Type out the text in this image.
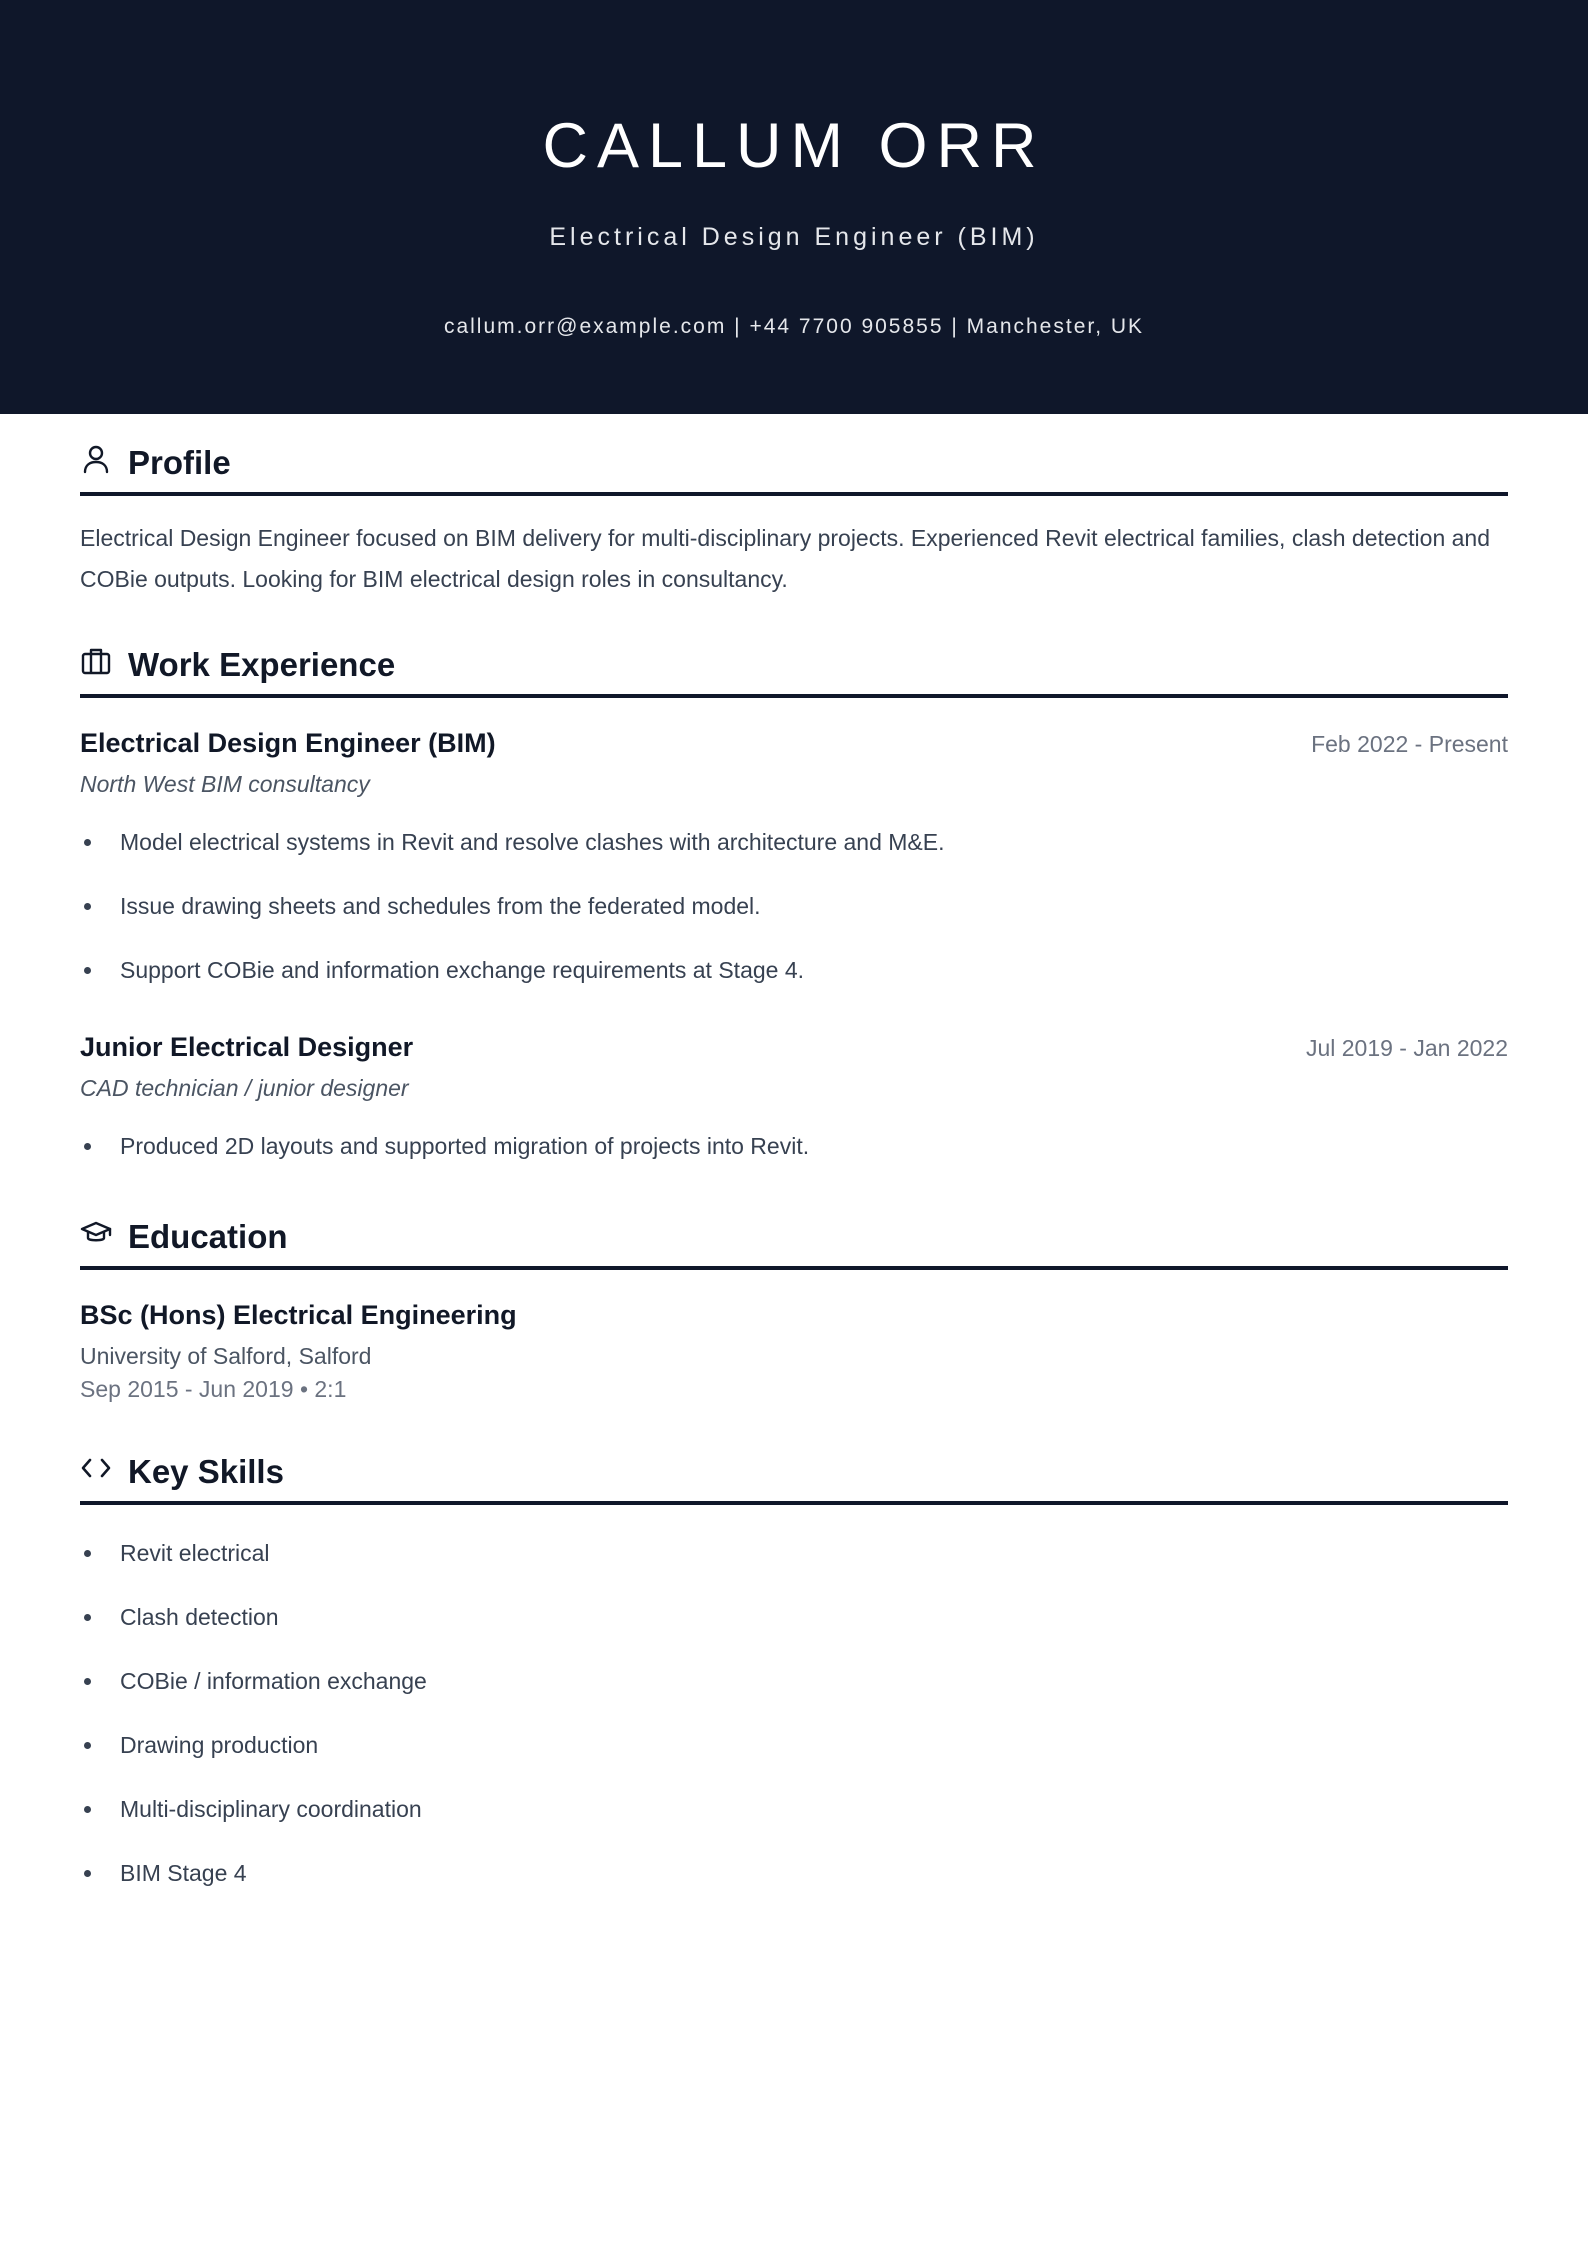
CALLUM ORR
Electrical Design Engineer (BIM)
callum.orr@example.com | +44 7700 905855 | Manchester, UK
Profile

Electrical Design Engineer focused on BIM delivery for multi-disciplinary projects. Experienced Revit electrical families, clash detection and COBie outputs. Looking for BIM electrical design roles in consultancy.

Work Experience
Electrical Design Engineer (BIM)	Feb 2022 - Present
North West BIM consultancy
Model electrical systems in Revit and resolve clashes with architecture and M&E.
Issue drawing sheets and schedules from the federated model.
Support COBie and information exchange requirements at Stage 4.
Junior Electrical Designer	Jul 2019 - Jan 2022
CAD technician / junior designer
Produced 2D layouts and supported migration of projects into Revit.
Education
BSc (Hons) Electrical Engineering
University of Salford, Salford
Sep 2015 - Jun 2019 • 2:1
Key Skills
Revit electrical
Clash detection
COBie / information exchange
Drawing production
Multi-disciplinary coordination
BIM Stage 4
